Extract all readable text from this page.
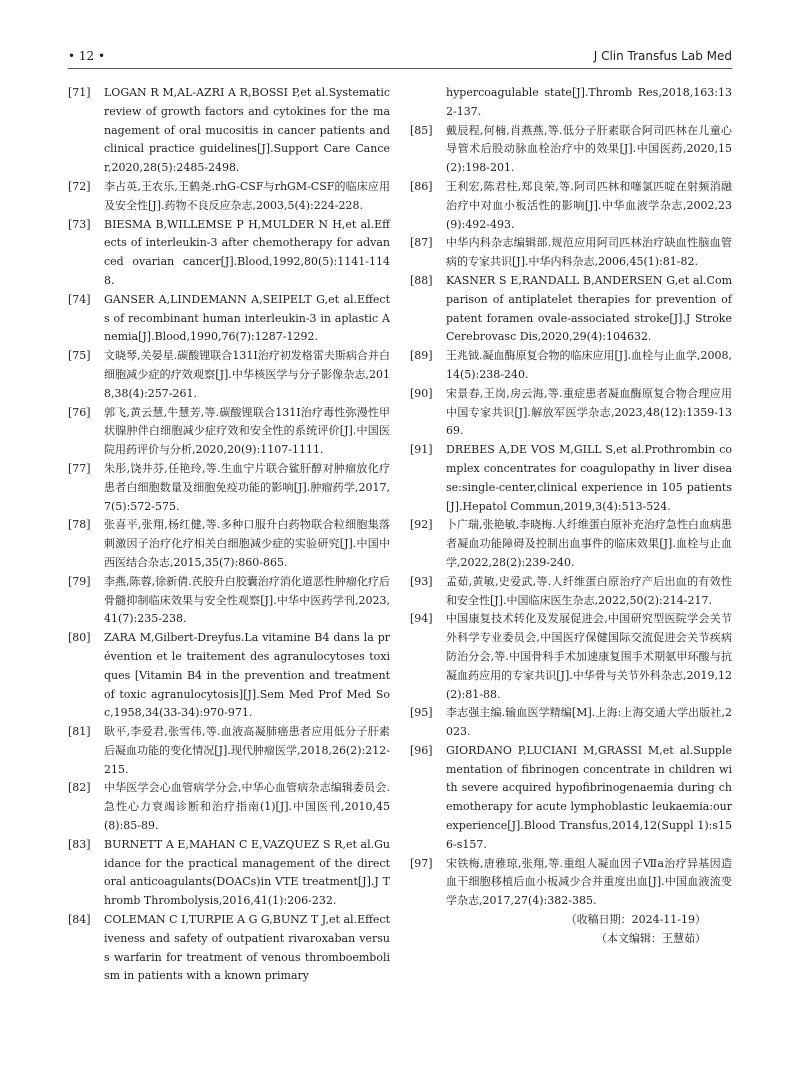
• 12 •	J Clin Transfus Lab Med

[71] LOGAN R M,AL-AZRI A R,BOSSI P,et al.Systematic review of growth factors and cytokines for the management of oral mucositis in cancer patients and clinical practice guidelines[J].Support Care Cancer,2020,28(5):2485-2498.

[72] 李占英,王农乐,王鹤尧.rhG-CSF与rhGM-CSF的临床应用及安全性[J].药物不良反应杂志,2003,5(4):224-228.

[73] BIESMA B,WILLEMSE P H,MULDER N H,et al.Effects of interleukin-3 after chemotherapy for advanced ovarian cancer[J].Blood,1992,80(5):1141-1148.

[74] GANSER A,LINDEMANN A,SEIPELT G,et al.Effects of recombinant human interleukin-3 in aplastic Anemia[J].Blood,1990,76(7):1287-1292.

[75] 文晓琴,关晏星.碳酸锂联合131I治疗初发格雷夫斯病合并白细胞减少症的疗效观察[J].中华核医学与分子影像杂志,2018,38(4):257-261.

[76] 郭飞,黄云慧,牛慧芳,等.碳酸锂联合131I治疗毒性弥漫性甲状腺肿伴白细胞减少症疗效和安全性的系统评价[J].中国医院用药评价与分析,2020,20(9):1107-1111.

[77] 朱彤,饶井芬,任艳玲,等.生血宁片联合鲨肝醇对肿瘤放化疗患者白细胞数量及细胞免疫功能的影响[J].肿瘤药学,2017,7(5):572-575.

[78] 张喜平,张翔,杨红健,等.多种口服升白药物联合粒细胞集落刺激因子治疗化疗相关白细胞减少症的实验研究[J].中国中西医结合杂志,2015,35(7):860-865.

[79] 李燕,陈蓉,徐新倩.芪胶升白胶囊治疗消化道恶性肿瘤化疗后骨髓抑制临床效果与安全性观察[J].中华中医药学刊,2023,41(7):235-238.

[80] ZARA M,Gilbert-Dreyfus.La vitamine B4 dans la prévention et le traitement des agranulocytoses toxiques [Vitamin B4 in the prevention and treatment of toxic agranulocytosis][J].Sem Med Prof Med Soc,1958,34(33-34):970-971.

[81] 耿平,李爱君,张雪伟,等.血液高凝肺癌患者应用低分子肝素后凝血功能的变化情况[J].现代肿瘤医学,2018,26(2):212-215.

[82] 中华医学会心血管病学分会,中华心血管病杂志编辑委员会.急性心力衰竭诊断和治疗指南(1)[J].中国医刊,2010,45(8):85-89.

[83] BURNETT A E,MAHAN C E,VAZQUEZ S R,et al.Guidance for the practical management of the direct oral anticoagulants(DOACs)in VTE treatment[J].J Thromb Thrombolysis,2016,41(1):206-232.

[84] COLEMAN C I,TURPIE A G G,BUNZ T J,et al.Effectiveness and safety of outpatient rivaroxaban versus warfarin for treatment of venous thromboembolism in patients with a known primary

hypercoagulable state[J].Thromb Res,2018,163:132-137.

[85] 戴辰程,何楠,肖燕燕,等.低分子肝素联合阿司匹林在儿童心导管术后股动脉血栓治疗中的效果[J].中国医药,2020,15(2):198-201.

[86] 王利宏,陈君柱,郑良荣,等.阿司匹林和噻氯匹啶在射频消融治疗中对血小板活性的影响[J].中华血液学杂志,2002,23(9):492-493.

[87] 中华内科杂志编辑部.规范应用阿司匹林治疗缺血性脑血管病的专家共识[J].中华内科杂志,2006,45(1):81-82.

[88] KASNER S E,RANDALL B,ANDERSEN G,et al.Comparison of antiplatelet therapies for prevention of patent foramen ovale-associated stroke[J].J Stroke Cerebrovasc Dis,2020,29(4):104632.

[89] 王兆钺.凝血酶原复合物的临床应用[J].血栓与止血学,2008,14(5):238-240.

[90] 宋景春,王岗,房云海,等.重症患者凝血酶原复合物合理应用中国专家共识[J].解放军医学杂志,2023,48(12):1359-1369.

[91] DREBES A,DE VOS M,GILL S,et al.Prothrombin complex concentrates for coagulopathy in liver disease:single-center,clinical experience in 105 patients[J].Hepatol Commun,2019,3(4):513-524.

[92] 卜广瑞,张艳敏,李晓梅.人纤维蛋白原补充治疗急性白血病患者凝血功能障碍及控制出血事件的临床效果[J].血栓与止血学,2022,28(2):239-240.

[93] 孟茹,黄敏,史爱武,等.人纤维蛋白原治疗产后出血的有效性和安全性[J].中国临床医生杂志,2022,50(2):214-217.

[94] 中国康复技术转化及发展促进会,中国研究型医院学会关节外科学专业委员会,中国医疗保健国际交流促进会关节疾病防治分会,等.中国骨科手术加速康复围手术期氨甲环酸与抗凝血药应用的专家共识[J].中华骨与关节外科杂志,2019,12(2):81-88.

[95] 李志强主编.输血医学精编[M].上海:上海交通大学出版社,2023.

[96] GIORDANO P,LUCIANI M,GRASSI M,et al.Supplementation of fibrinogen concentrate in children with severe acquired hypofibrinogenaemia during chemotherapy for acute lymphoblastic leukaemia:our experience[J].Blood Transfus,2014,12(Suppl 1):s156-s157.

[97] 宋铁梅,唐雅琼,张翔,等.重组人凝血因子Ⅶa治疗异基因造血干细胞移植后血小板减少合并重度出血[J].中国血液流变学杂志,2017,27(4):382-385.

（收稿日期：2024-11-19）

（本文编辑：王慧茹）
